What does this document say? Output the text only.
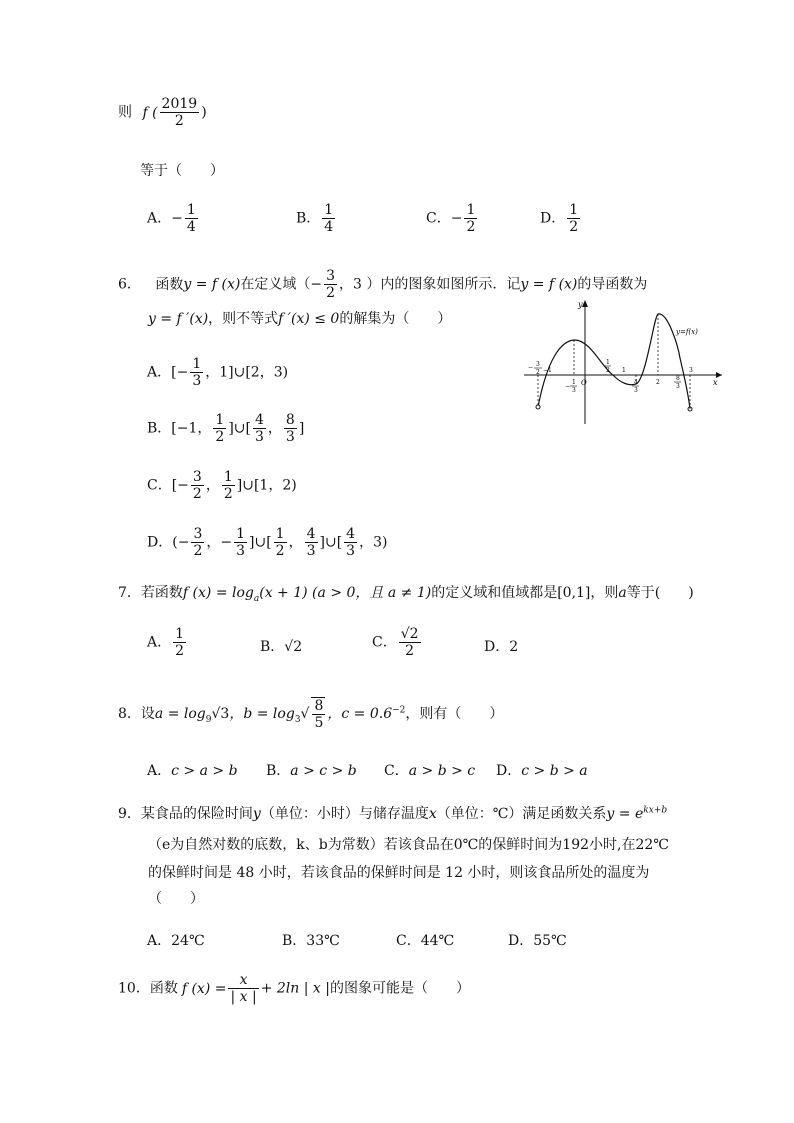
则 f ( $\frac{2019}{2}$ )
等于（　　）
A．− $\frac{1}{4}$	B． $\frac{1}{4}$	C．− $\frac{1}{2}$	D． $\frac{1}{2}$
6． 函数y = f (x)在定义域（− $\frac{3}{2}$ ，3 ）内的图象如图所示．记y = f (x)的导函数为
y = f ′(x)，则不等式f ′(x) ≤ 0的解集为（　　）
A．[− $\frac{1}{3}$ ，1]∪[2，3)
B．[−1， $\frac{1}{2}$ ]∪[ $\frac{4}{3}$ ， $\frac{8}{3}$ ]
C．[− $\frac{3}{2}$ ， $\frac{1}{2}$ ]∪[1，2)
D．(− $\frac{3}{2}$ ，− $\frac{1}{3}$ ]∪[ $\frac{1}{2}$ ， $\frac{4}{3}$ ]∪[ $\frac{4}{3}$ ，3)
x
y
O
y=f(x)
− 3
2 −1
−
1
3
1
2 1
4
3
2
8
3
3
7．若函数f $(x) = \log_a(x + 1) (a > 0$，且 a ≠ 1)的定义域和值域都是[0,1]，则a等于(　　)
A． $\frac{1}{2}$	B．√2	C． $\frac{√2}{2}$	D．2
8．设$a = \log_9√3$，$b = \log_3√ \frac{8}{5}$ ，$c = 0.6^{-2}$，则有（　　）
A．c > a > b B．a > c > b C．a > b > c D．c > b > a
9．某食品的保险时间y（单位：小时）与储存温度x（单位：℃）满足函数关系$y = e^{kx+b}$
（e为自然对数的底数，k、b为常数）若该食品在0℃的保鲜时间为192小时,在22℃
的保鲜时间是 48 小时，若该食品的保鲜时间是 12 小时，则该食品所处的温度为
（　　）
A．24℃	B．33℃	C．44℃	D．55℃
10．函数 f $(x) = \frac{x}{| x |} + 2\ln$ | x |的图象可能是（　　）
